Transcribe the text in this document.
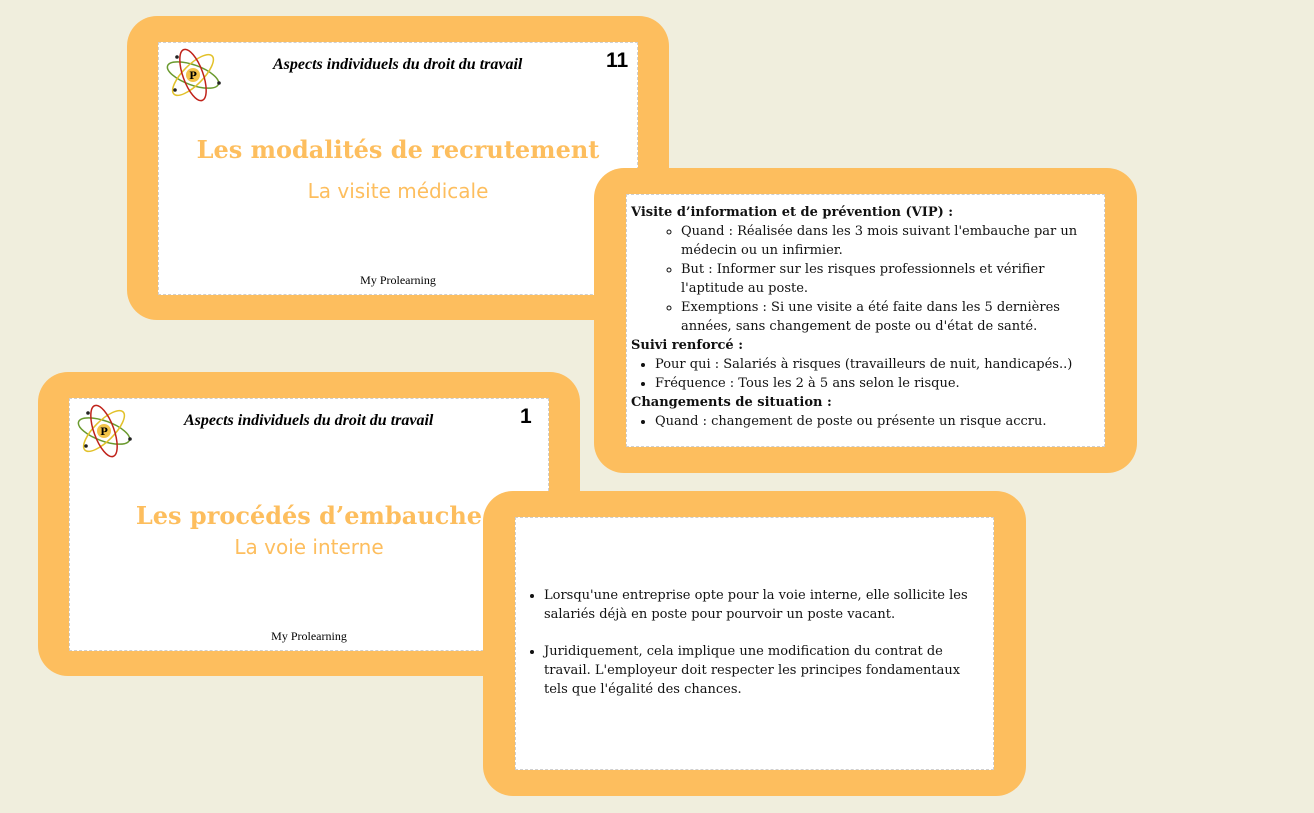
P
Aspects individuels du droit du travail	11
Les modalités de recrutement
La visite médicale
My Prolearning
P
Aspects individuels du droit du travail	1
Les procédés d’embauche
La voie interne
My Prolearning
Visite d’information et de prévention (VIP) :
◦ Quand : Réalisée dans les 3 mois suivant l'embauche par un médecin ou un infirmier.
◦ But : Informer sur les risques professionnels et vérifier l'aptitude au poste.
◦ Exemptions : Si une visite a été faite dans les 5 dernières années, sans changement de poste ou d'état de santé.
Suivi renforcé :
• Pour qui : Salariés à risques (travailleurs de nuit, handicapés..)
• Fréquence : Tous les 2 à 5 ans selon le risque.
Changements de situation :
• Quand : changement de poste ou présente un risque accru.
• Lorsqu'une entreprise opte pour la voie interne, elle sollicite les salariés déjà en poste pour pourvoir un poste vacant.
• Juridiquement, cela implique une modification du contrat de travail. L'employeur doit respecter les principes fondamentaux tels que l'égalité des chances.
